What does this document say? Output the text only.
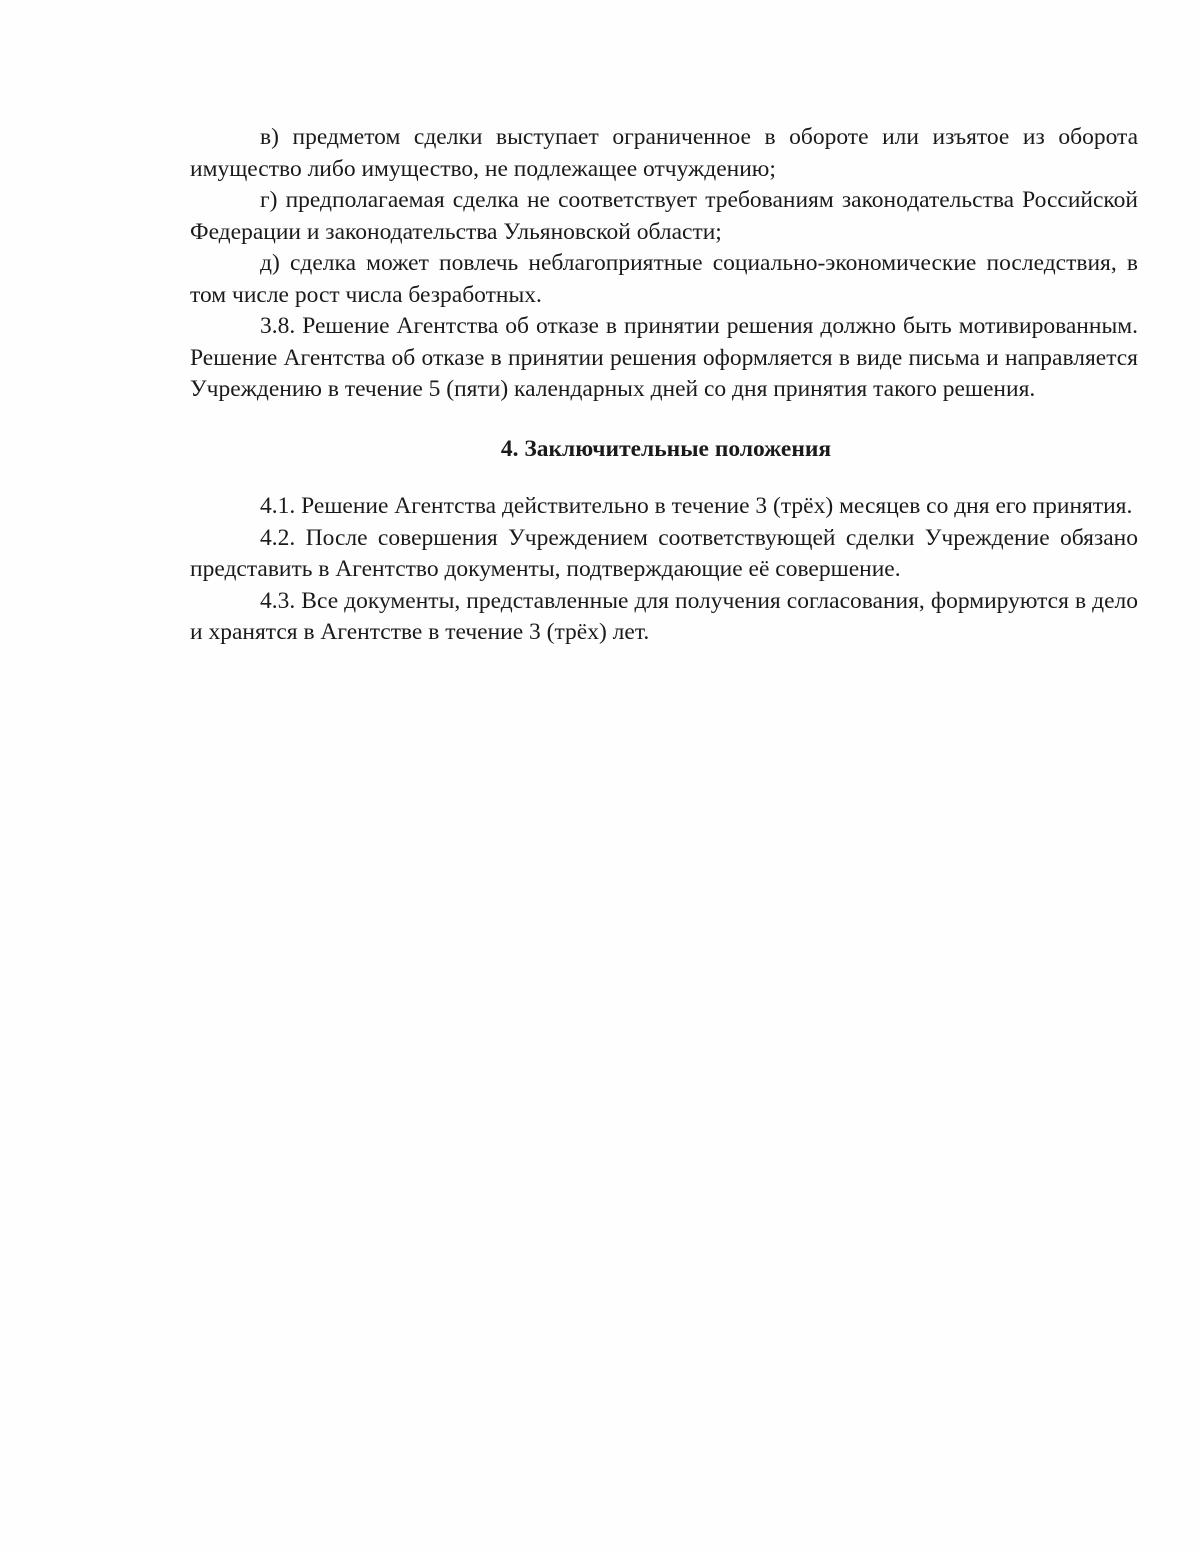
в) предметом сделки выступает ограниченное в обороте или изъятое из оборота имущество либо имущество, не подлежащее отчуждению;

г) предполагаемая сделка не соответствует требованиям законодательства Российской Федерации и законодательства Ульяновской области;

д) сделка может повлечь неблагоприятные социально-экономические последствия, в том числе рост числа безработных.

3.8. Решение Агентства об отказе в принятии решения должно быть мотивированным. Решение Агентства об отказе в принятии решения оформляется в виде письма и направляется Учреждению в течение 5 (пяти) календарных дней со дня принятия такого решения.

4. Заключительные положения

4.1. Решение Агентства действительно в течение 3 (трёх) месяцев со дня его принятия.

4.2. После совершения Учреждением соответствующей сделки Учреждение обязано представить в Агентство документы, подтверждающие её совершение.

4.3. Все документы, представленные для получения согласования, формируются в дело и хранятся в Агентстве в течение 3 (трёх) лет.
